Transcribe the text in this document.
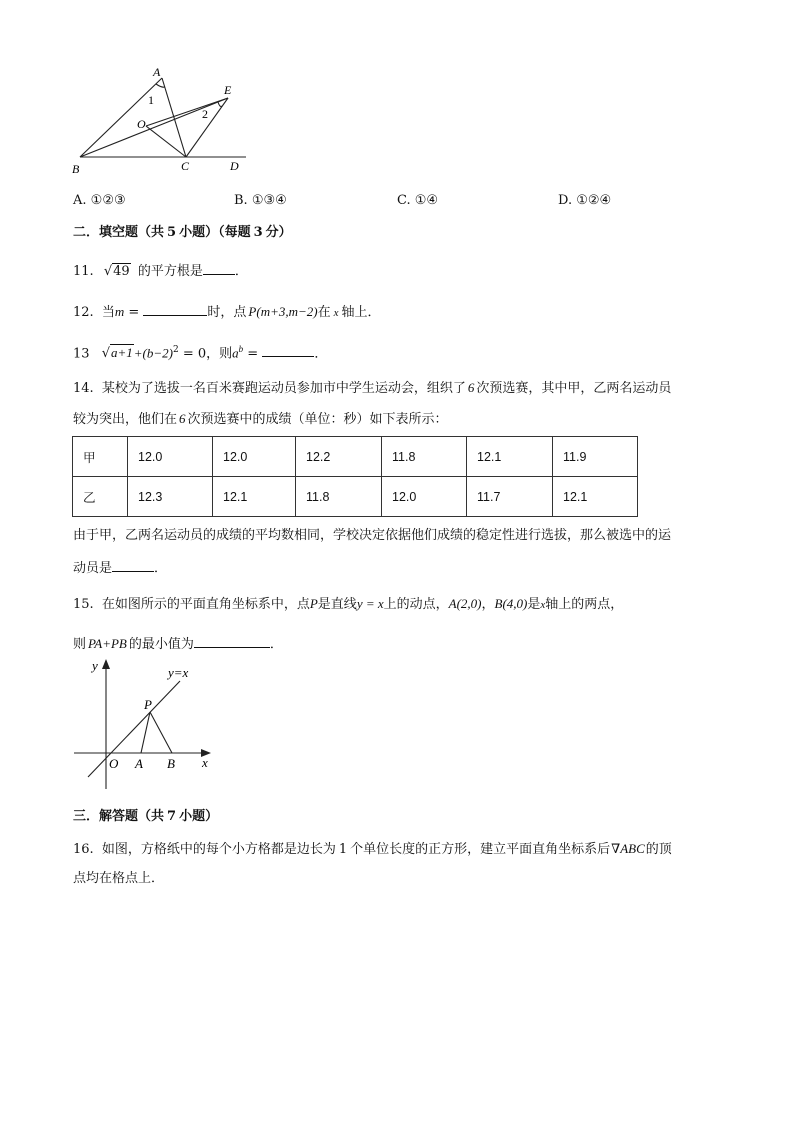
A
E
O
B	C	D
1
2
A. ①②③	B. ①③④	C. ①④	D. ①②④
二．填空题（共 5 小题）（每题 3 分）
11. √49 的平方根是 ．
12. 当m =	时，点 P(m+3,m−2)在 x 轴上．
13 $√a+1+(b-2)^2 = 0$，则$a^b$ =	．
14. 某校为了选拔一名百米赛跑运动员参加市中学生运动会，组织了 6 次预选赛，其中甲，乙两名运动员
较为突出，他们在 6 次预选赛中的成绩（单位：秒）如下表所示：
甲	12.0	12.0	12.2	11.8	12.1	11.9
乙	12.3	12.1	11.8	12.0	11.7	12.1
由于甲，乙两名运动员的成绩的平均数相同，学校决定依据他们成绩的稳定性进行选拔，那么被选中的运
动员是	．
15. 在如图所示的平面直角坐标系中，点P是直线y = x上的动点，A(2,0)，B(4,0)是x轴上的两点，
则 PA+PB 的最小值为	．
y	y=x
P
O A B x
三．解答题（共 7 小题）
16. 如图，方格纸中的每个小方格都是边长为 1 个单位长度的正方形，建立平面直角坐标系后∇ABC的顶
点均在格点上．
